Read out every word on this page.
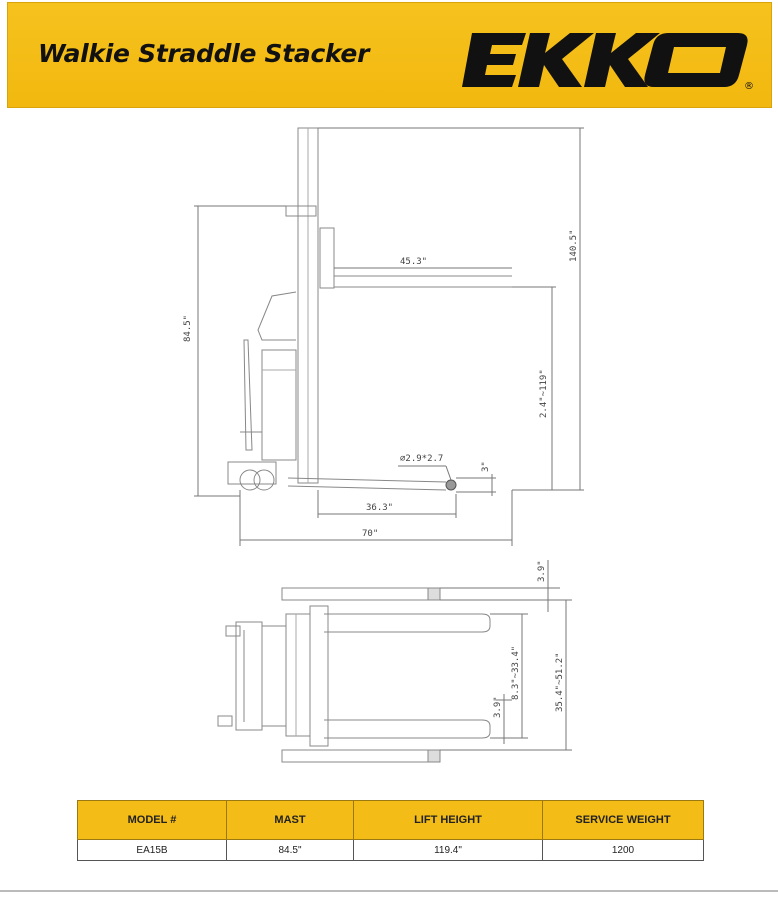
Walkie Straddle Stacker
®
84.5"
140.5"
45.3"
2.4"~119"
∅2.9*2.7
3"
36.3"
70"
3.9"
8.3"~33.4"	35.4"~51.2"
3.9"
MODEL #	MAST	LIFT HEIGHT	SERVICE WEIGHT
EA15B	84.5"	119.4"	1200
